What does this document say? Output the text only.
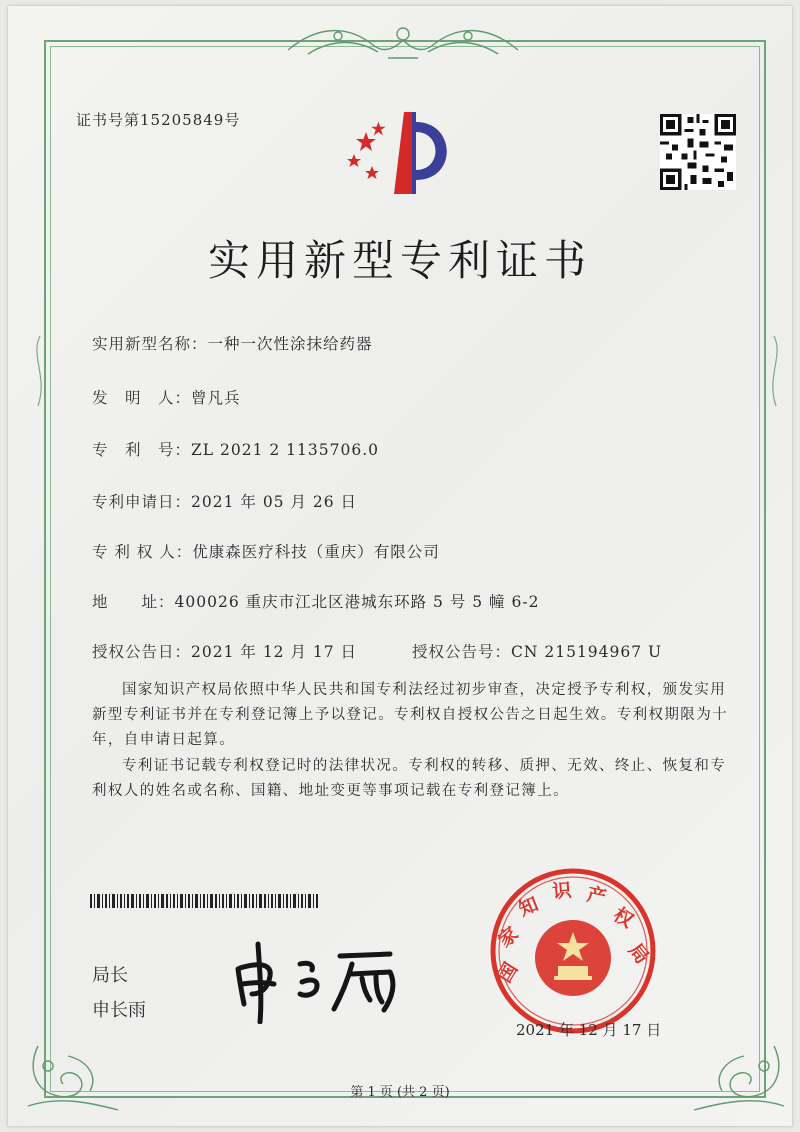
证书号第15205849号
实用新型专利证书
实用新型名称：一种一次性涂抹给药器
发　明　人：曾凡兵
专　利　号：ZL 2021 2 1135706.0
专利申请日：2021 年 05 月 26 日
专 利 权 人：优康森医疗科技（重庆）有限公司
地　　址：400026 重庆市江北区港城东环路 5 号 5 幢 6-2
授权公告日：2021 年 12 月 17 日	授权公告号：CN 215194967 U
国家知识产权局依照中华人民共和国专利法经过初步审查，决定授予专利权，颁发实用新型专利证书并在专利登记簿上予以登记。专利权自授权公告之日起生效。专利权期限为十年，自申请日起算。
专利证书记载专利权登记时的法律状况。专利权的转移、质押、无效、终止、恢复和专利权人的姓名或名称、国籍、地址变更等事项记载在专利登记簿上。
局长
申长雨
国
家
知
识 产
权
局
2021 年 12 月 17 日
第 1 页 (共 2 页)
